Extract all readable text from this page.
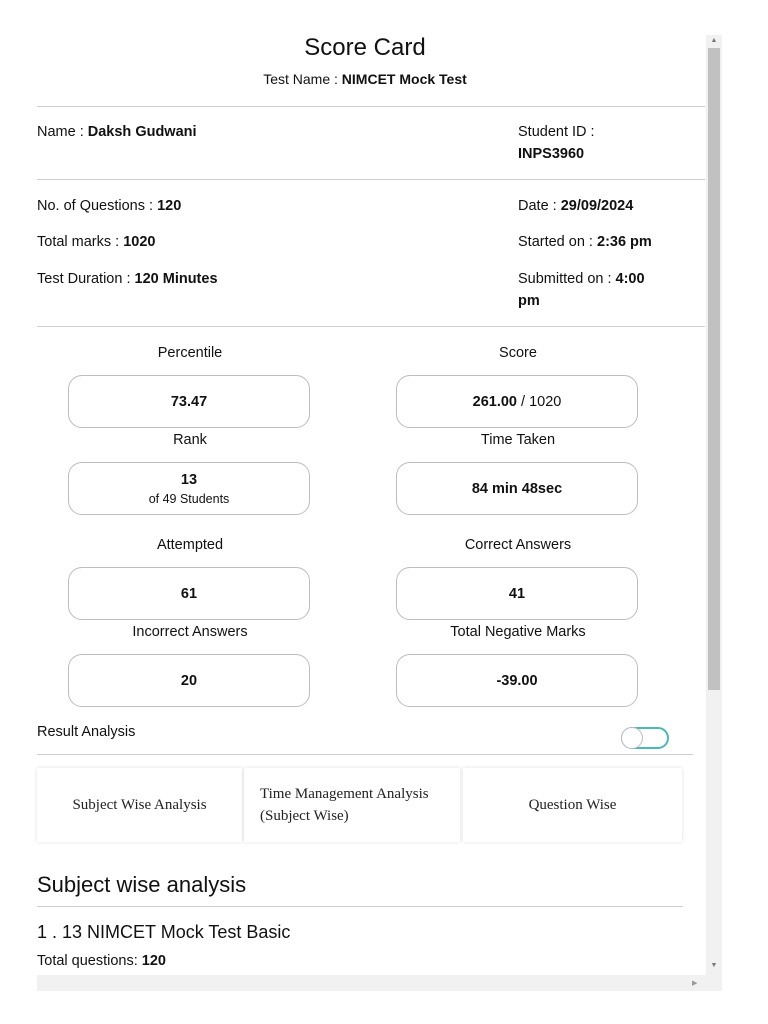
Score Card
Test Name : NIMCET Mock Test
Name : Daksh Gudwani	Student ID :
INPS3960
No. of Questions : 120
Total marks : 1020
Test Duration : 120 Minutes
Date : 29/09/2024
Started on : 2:36 pm
Submitted on : 4:00
pm
Percentile	Score
73.47	261.00 / 1020
Rank	Time Taken
13
of 49 Students
84 min 48sec
Attempted	Correct Answers
61	41
Incorrect Answers	Total Negative Marks
20	-39.00
Result Analysis
Subject Wise Analysis
Time Management Analysis
(Subject Wise)
Question Wise
Subject wise analysis
1 . 13 NIMCET Mock Test Basic
Total questions: 120
▲
▼
▶
